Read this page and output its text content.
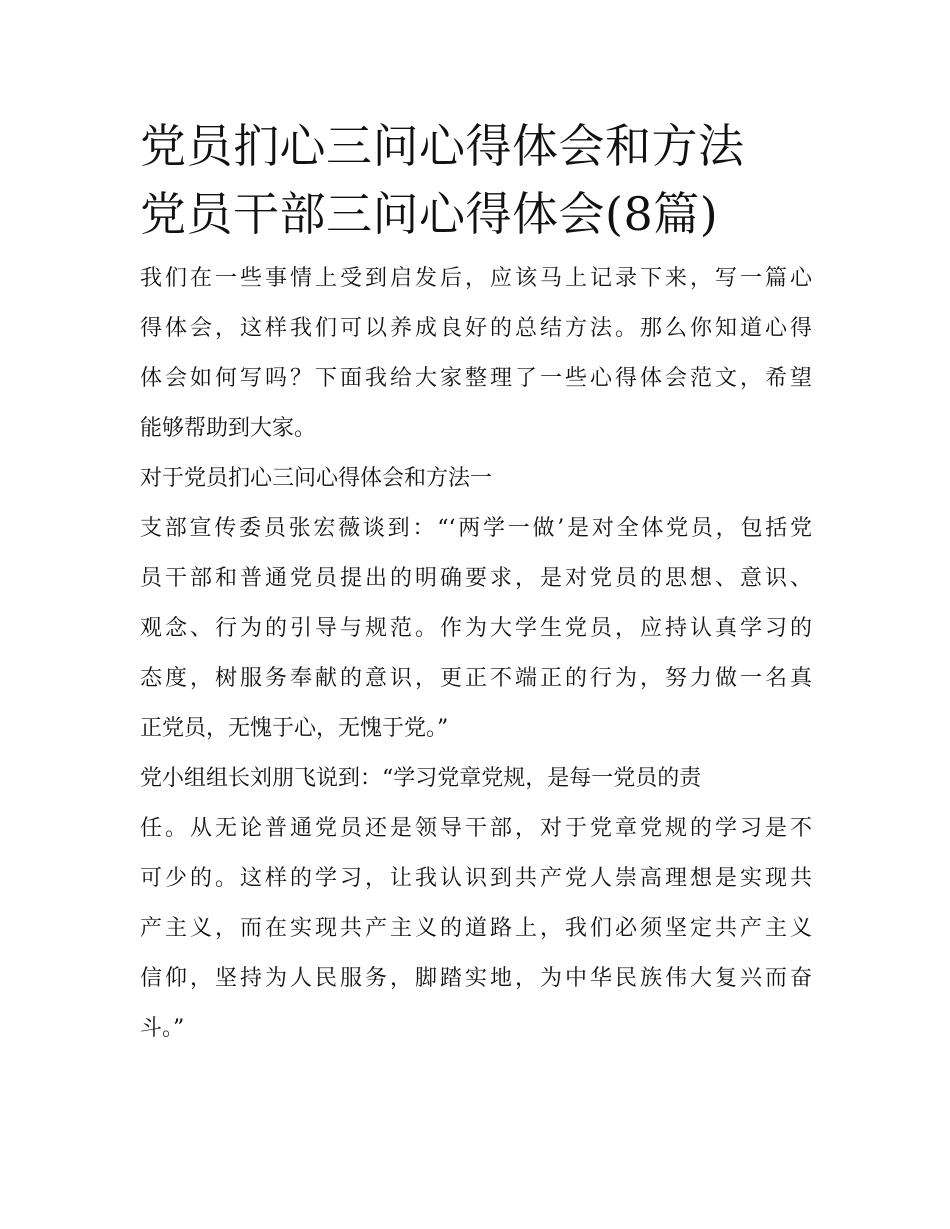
党员扪心三问心得体会和方法
党员干部三问心得体会(8篇)

我们在一些事情上受到启发后，应该马上记录下来，写一篇心
得体会，这样我们可以养成良好的总结方法。那么你知道心得
体会如何写吗？下面我给大家整理了一些心得体会范文，希望
能够帮助到大家。

对于党员扪心三问心得体会和方法一

支部宣传委员张宏薇谈到：“‘两学一做’是对全体党员，包括党
员干部和普通党员提出的明确要求，是对党员的思想、意识、
观念、行为的引导与规范。作为大学生党员，应持认真学习的
态度，树服务奉献的意识，更正不端正的行为，努力做一名真
正党员，无愧于心，无愧于党。”

党小组组长刘朋飞说到：“学习党章党规，是每一党员的责
任。从无论普通党员还是领导干部，对于党章党规的学习是不
可少的。这样的学习，让我认识到共产党人崇高理想是实现共
产主义，而在实现共产主义的道路上，我们必须坚定共产主义
信仰，坚持为人民服务，脚踏实地，为中华民族伟大复兴而奋
斗。”
